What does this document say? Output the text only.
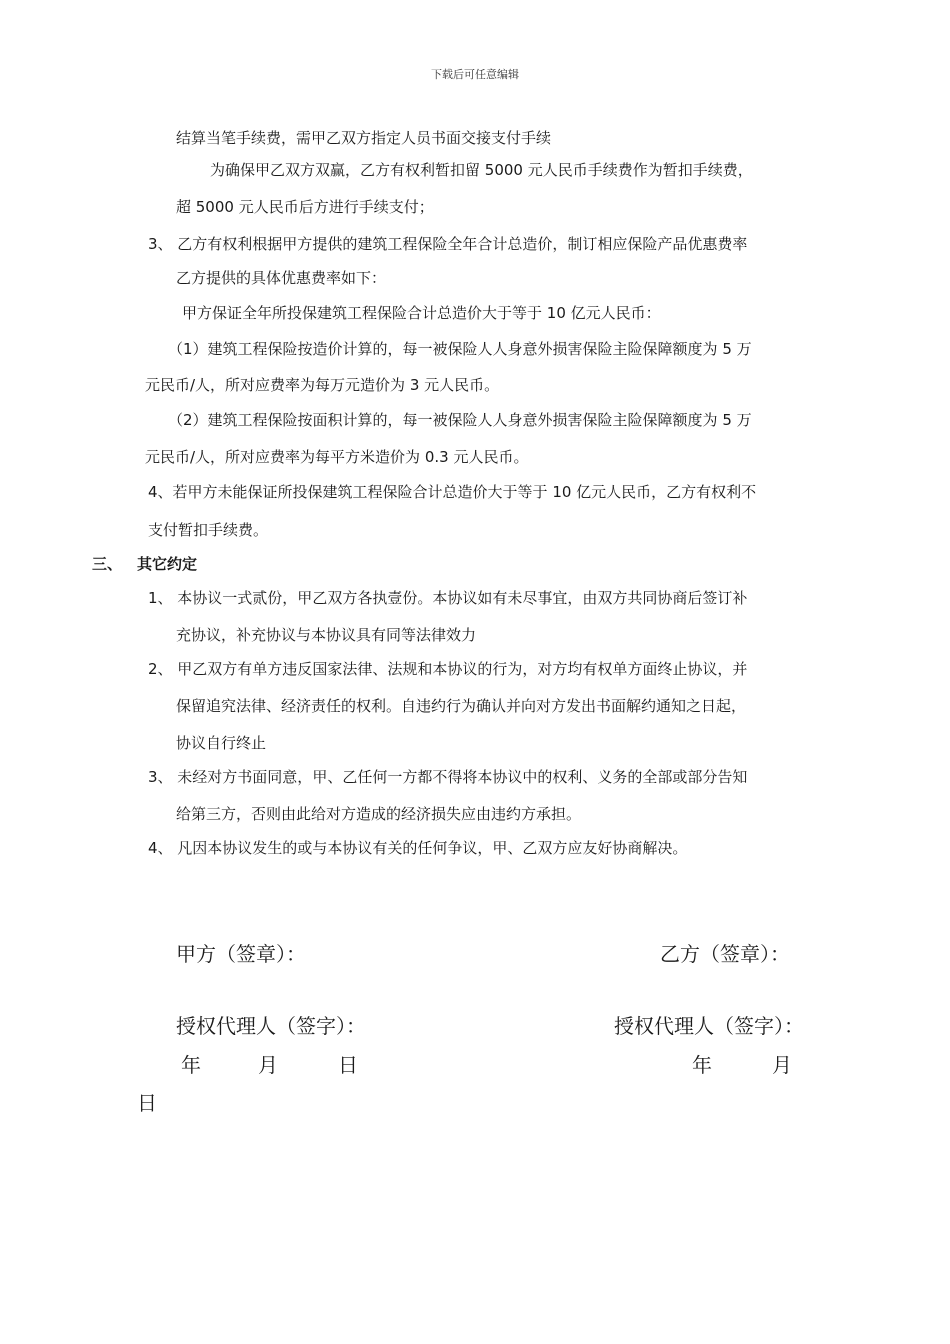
下载后可任意编辑
结算当笔手续费，需甲乙双方指定人员书面交接支付手续
为确保甲乙双方双赢，乙方有权利暂扣留 5000 元人民币手续费作为暂扣手续费，
超 5000 元人民币后方进行手续支付；
3、 乙方有权利根据甲方提供的建筑工程保险全年合计总造价，制订相应保险产品优惠费率
乙方提供的具体优惠费率如下：
甲方保证全年所投保建筑工程保险合计总造价大于等于 10 亿元人民币：
（1）建筑工程保险按造价计算的，每一被保险人人身意外损害保险主险保障额度为 5 万
元民币/人，所对应费率为每万元造价为 3 元人民币。
（2）建筑工程保险按面积计算的，每一被保险人人身意外损害保险主险保障额度为 5 万
元民币/人，所对应费率为每平方米造价为 0.3 元人民币。
4、若甲方未能保证所投保建筑工程保险合计总造价大于等于 10 亿元人民币，乙方有权利不
支付暂扣手续费。
三、 其它约定
1、 本协议一式贰份，甲乙双方各执壹份。本协议如有未尽事宜，由双方共同协商后签订补
充协议，补充协议与本协议具有同等法律效力
2、 甲乙双方有单方违反国家法律、法规和本协议的行为，对方均有权单方面终止协议，并
保留追究法律、经济责任的权利。自违约行为确认并向对方发出书面解约通知之日起，
协议自行终止
3、 未经对方书面同意，甲、乙任何一方都不得将本协议中的权利、义务的全部或部分告知
给第三方，否则由此给对方造成的经济损失应由违约方承担。
4、 凡因本协议发生的或与本协议有关的任何争议，甲、乙双方应友好协商解决。
甲方（签章）：	乙方（签章）：
授权代理人（签字）：	授权代理人（签字）：
年	月	日	年	月
日
